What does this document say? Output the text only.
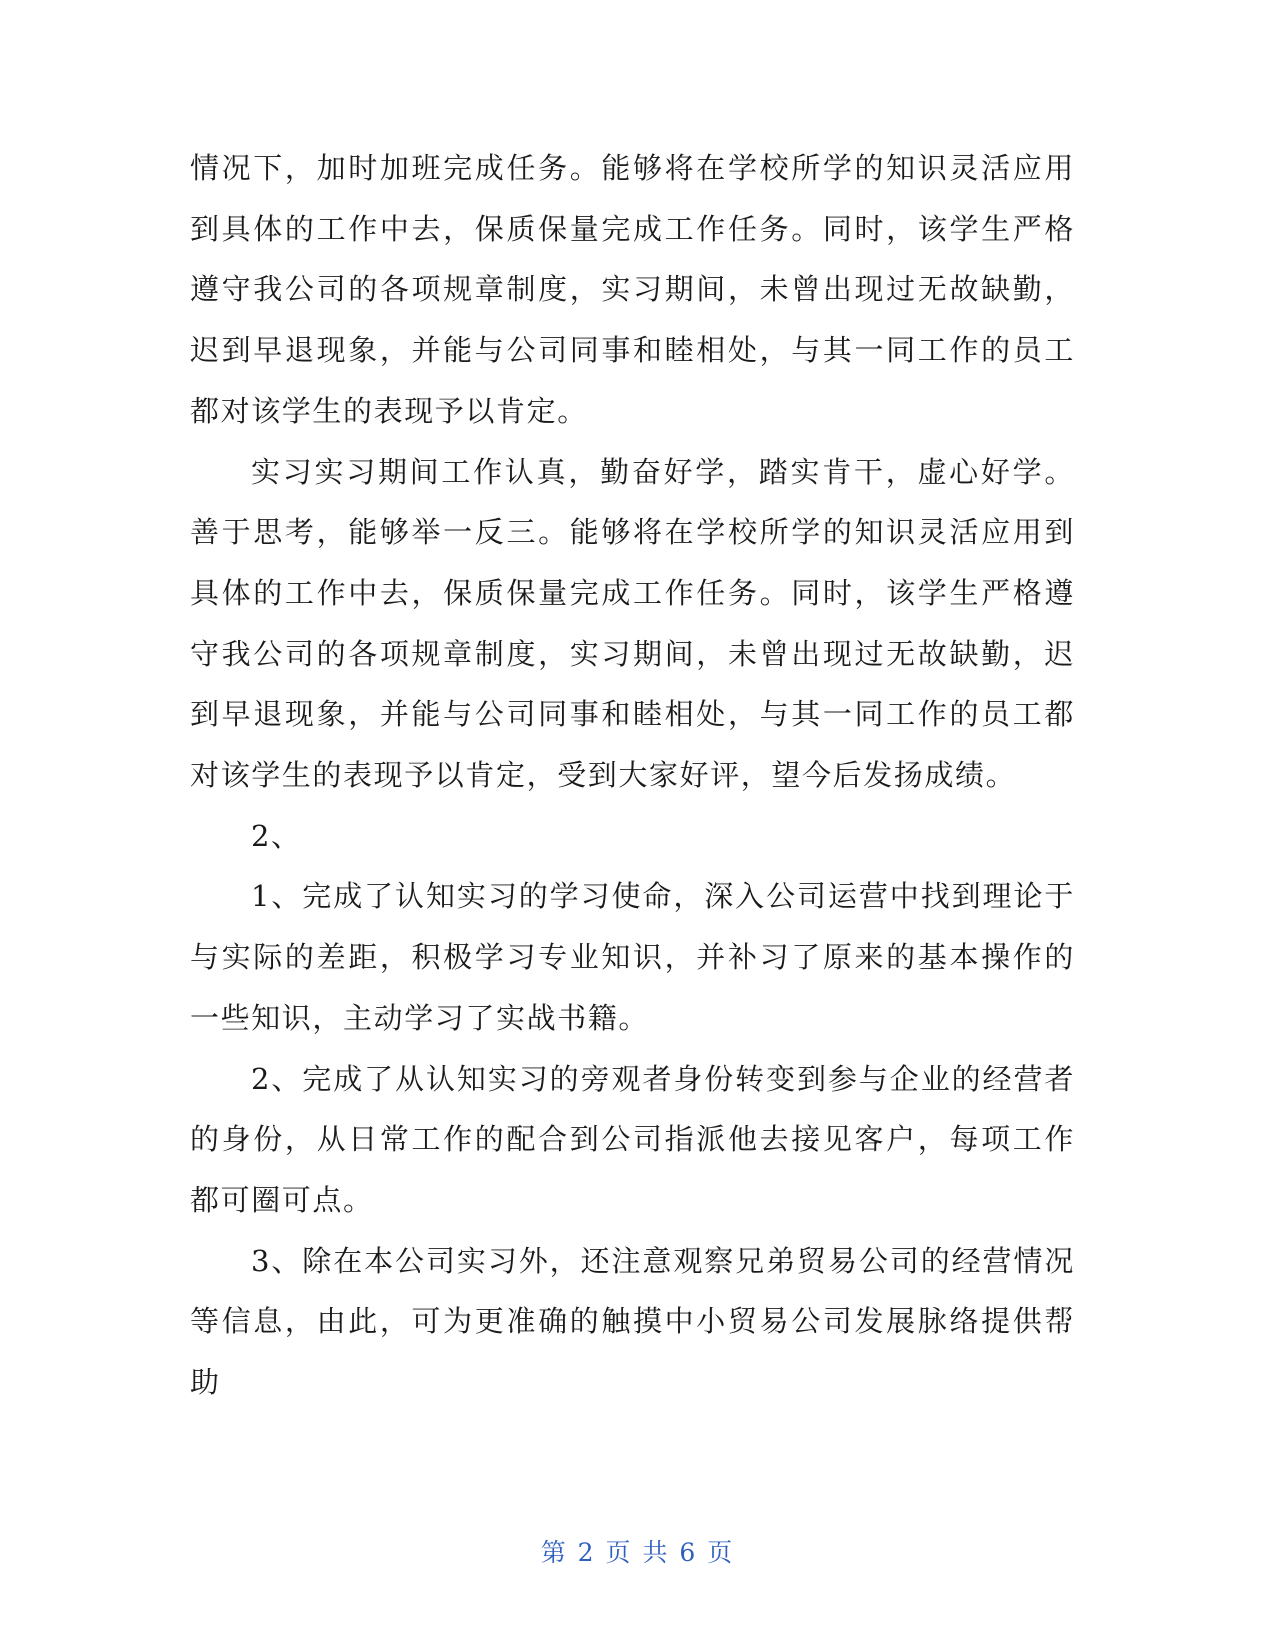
情况下，加时加班完成任务。能够将在学校所学的知识灵活应用到具体的工作中去，保质保量完成工作任务。同时，该学生严格遵守我公司的各项规章制度，实习期间，未曾出现过无故缺勤，迟到早退现象，并能与公司同事和睦相处，与其一同工作的员工都对该学生的表现予以肯定。

实习实习期间工作认真，勤奋好学，踏实肯干，虚心好学。善于思考，能够举一反三。能够将在学校所学的知识灵活应用到具体的工作中去，保质保量完成工作任务。同时，该学生严格遵守我公司的各项规章制度，实习期间，未曾出现过无故缺勤，迟到早退现象，并能与公司同事和睦相处，与其一同工作的员工都对该学生的表现予以肯定，受到大家好评，望今后发扬成绩。

2、

1、完成了认知实习的学习使命，深入公司运营中找到理论于与实际的差距，积极学习专业知识，并补习了原来的基本操作的一些知识，主动学习了实战书籍。

2、完成了从认知实习的旁观者身份转变到参与企业的经营者的身份，从日常工作的配合到公司指派他去接见客户，每项工作都可圈可点。

3、除在本公司实习外，还注意观察兄弟贸易公司的经营情况等信息，由此，可为更准确的触摸中小贸易公司发展脉络提供帮助

第 2 页 共 6 页
